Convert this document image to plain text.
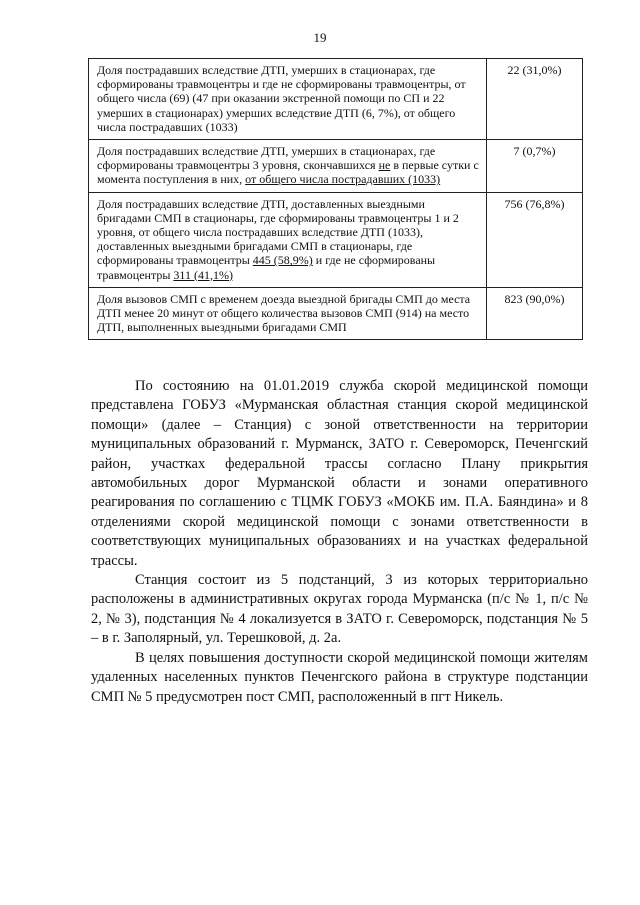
19
Доля пострадавших вследствие ДТП, умерших в стационарах, где сформированы травмоцентры и где не сформированы травмоцентры, от общего числа (69) (47 при оказании экстренной помощи по СП и 22 умерших в стационарах) умерших вследствие ДТП (6, 7%), от общего числа пострадавших (1033)	22 (31,0%)
Доля пострадавших вследствие ДТП, умерших в стационарах, где сформированы травмоцентры 3 уровня, скончавшихся не в первые сутки с момента поступления в них, от общего числа пострадавших (1033)	7 (0,7%)
Доля пострадавших вследствие ДТП, доставленных выездными бригадами СМП в стационары, где сформированы травмоцентры 1 и 2 уровня, от общего числа пострадавших вследствие ДТП (1033), доставленных выездными бригадами СМП в стационары, где сформированы травмоцентры 445 (58,9%) и где не сформированы травмоцентры 311 (41,1%)	756 (76,8%)
Доля вызовов СМП с временем доезда выездной бригады СМП до места ДТП менее 20 минут от общего количества вызовов СМП (914) на место ДТП, выполненных выездными бригадами СМП	823 (90,0%)

По состоянию на 01.01.2019 служба скорой медицинской помощи представлена ГОБУЗ «Мурманская областная станция скорой медицинской помощи» (далее – Станция) с зоной ответственности на территории муниципальных образований г. Мурманск, ЗАТО г. Североморск, Печенгский район, участках федеральной трассы согласно Плану прикрытия автомобильных дорог Мурманской области и зонами оперативного реагирования по соглашению с ТЦМК ГОБУЗ «МОКБ им. П.А. Баяндина» и 8 отделениями скорой медицинской помощи с зонами ответственности в соответствующих муниципальных образованиях и на участках федеральной трассы.

Станция состоит из 5 подстанций, 3 из которых территориально расположены в административных округах города Мурманска (п/с № 1, п/с № 2, № 3), подстанция № 4 локализуется в ЗАТО г. Североморск, подстанция № 5 – в г. Заполярный, ул. Терешковой, д. 2а.

В целях повышения доступности скорой медицинской помощи жителям удаленных населенных пунктов Печенгского района в структуре подстанции СМП № 5 предусмотрен пост СМП, расположенный в пгт Никель.
